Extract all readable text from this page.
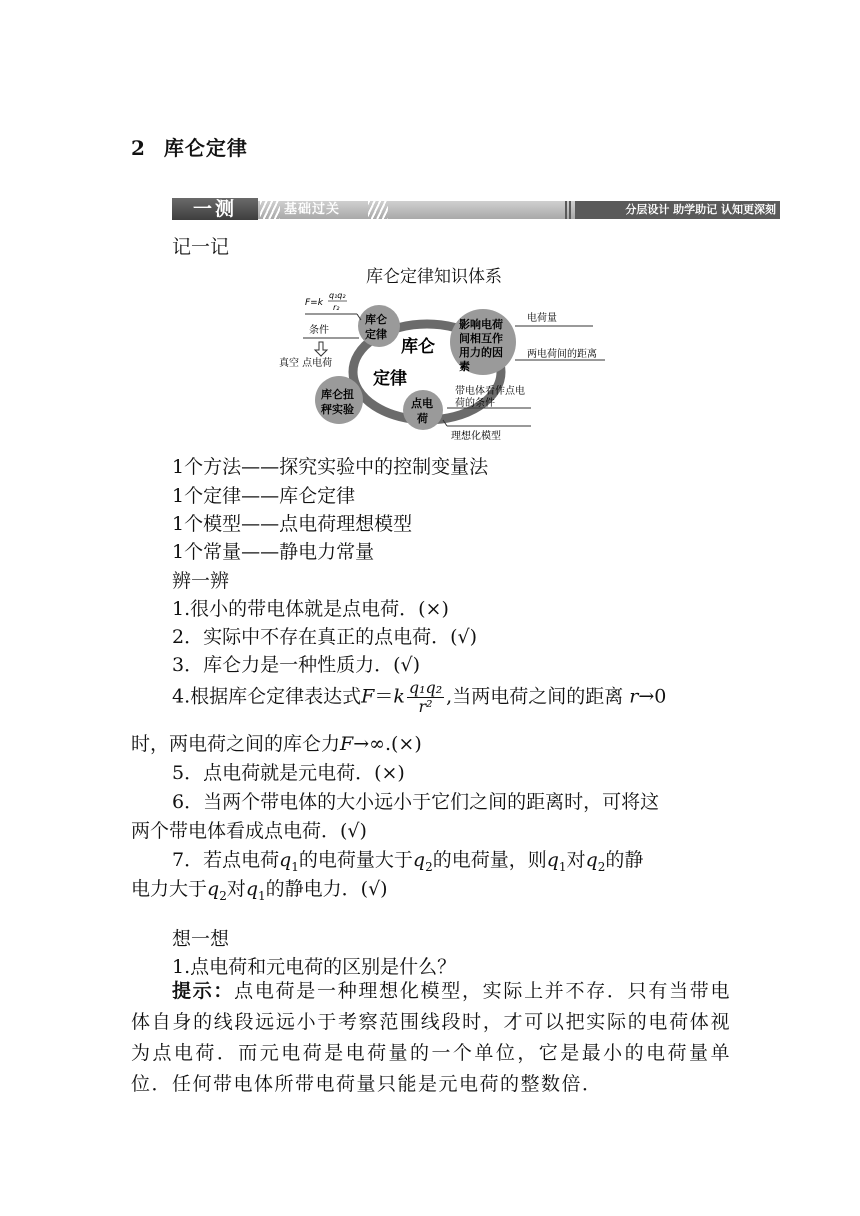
2 库仑定律
一测	基础过关	分层设计 助学助记 认知更深刻
记一记
库仑定律知识体系
库仑
定律
库仑扭
秤实验	点电
荷
影响电荷
间相互作
用力的因
素
库仑
定律
F=k
q₁q₂
r₂
条件
真空 点电荷
电荷量
两电荷间的距离
带电体看作点电
荷的条件
理想化模型
1个方法——探究实验中的控制变量法
1个定律——库仑定律
1个模型——点电荷理想模型
1个常量——静电力常量
辨一辨
1.很小的带电体就是点电荷．(×)
2．实际中不存在真正的点电荷．(√)
3．库仑力是一种性质力．(√)
4.根据库仑定律表达式$F=k \frac{\text{q₁q₂}}{\text{r²}}$ ,当两电荷之间的距离 r→0
时，两电荷之间的库仑力F→∞.(×)
5．点电荷就是元电荷．(×)
6．当两个带电体的大小远小于它们之间的距离时，可将这
两个带电体看成点电荷．(√)
7．若点电荷$q_1$的电荷量大于$q_2$的电荷量，则$q_1$对$q_2$的静
电力大于$q_2$对$q_1$的静电力．(√)
想一想
1.点电荷和元电荷的区别是什么？
提示：点电荷是一种理想化模型，实际上并不存．只有当带电体自身的线段远远小于考察范围线段时，才可以把实际的电荷体视为点电荷．而元电荷是电荷量的一个单位，它是最小的电荷量单位．任何带电体所带电荷量只能是元电荷的整数倍．
